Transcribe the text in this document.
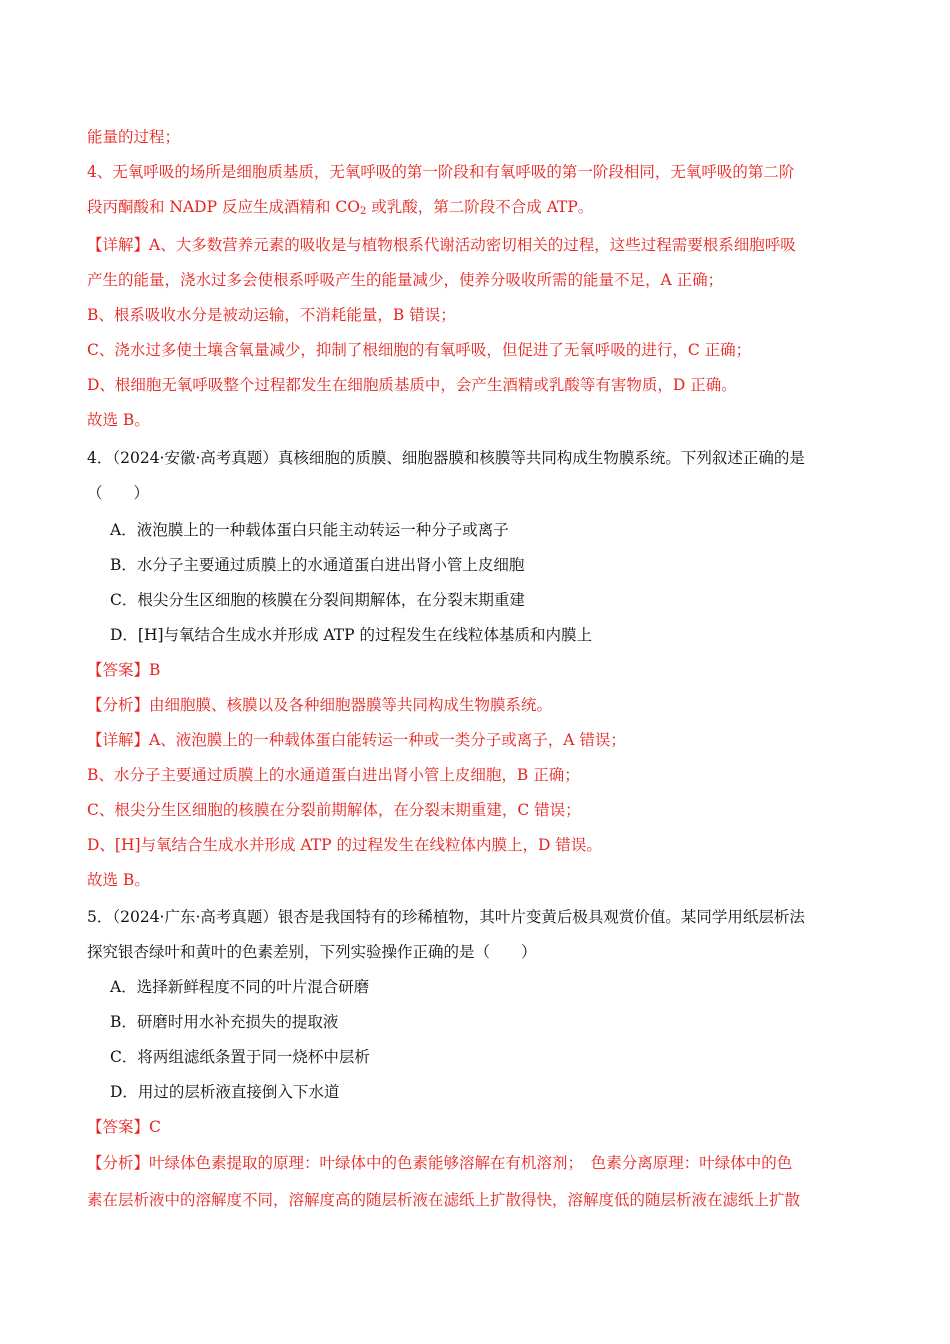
能量的过程；
4、无氧呼吸的场所是细胞质基质，无氧呼吸的第一阶段和有氧呼吸的第一阶段相同，无氧呼吸的第二阶
段丙酮酸和 NADP 反应生成酒精和 $CO_2$ 或乳酸，第二阶段不合成 ATP。
【详解】A、大多数营养元素的吸收是与植物根系代谢活动密切相关的过程，这些过程需要根系细胞呼吸
产生的能量，浇水过多会使根系呼吸产生的能量减少，使养分吸收所需的能量不足，A 正确；
B、根系吸收水分是被动运输，不消耗能量，B 错误；
C、浇水过多使土壤含氧量减少，抑制了根细胞的有氧呼吸，但促进了无氧呼吸的进行，C 正确；
D、根细胞无氧呼吸整个过程都发生在细胞质基质中，会产生酒精或乳酸等有害物质，D 正确。
故选 B。
4．（2024·安徽·高考真题）真核细胞的质膜、细胞器膜和核膜等共同构成生物膜系统。下列叙述正确的是
（　　）
A．液泡膜上的一种载体蛋白只能主动转运一种分子或离子
B．水分子主要通过质膜上的水通道蛋白进出肾小管上皮细胞
C．根尖分生区细胞的核膜在分裂间期解体，在分裂末期重建
D．[H]与氧结合生成水并形成 ATP 的过程发生在线粒体基质和内膜上
【答案】B
【分析】由细胞膜、核膜以及各种细胞器膜等共同构成生物膜系统。
【详解】A、液泡膜上的一种载体蛋白能转运一种或一类分子或离子，A 错误；
B、水分子主要通过质膜上的水通道蛋白进出肾小管上皮细胞，B 正确；
C、根尖分生区细胞的核膜在分裂前期解体，在分裂末期重建，C 错误；
D、[H]与氧结合生成水并形成 ATP 的过程发生在线粒体内膜上，D 错误。
故选 B。
5．（2024·广东·高考真题）银杏是我国特有的珍稀植物，其叶片变黄后极具观赏价值。某同学用纸层析法
探究银杏绿叶和黄叶的色素差别，下列实验操作正确的是（　　）
A．选择新鲜程度不同的叶片混合研磨
B．研磨时用水补充损失的提取液
C．将两组滤纸条置于同一烧杯中层析
D．用过的层析液直接倒入下水道
【答案】C
【分析】叶绿体色素提取的原理：叶绿体中的色素能够溶解在有机溶剂；　色素分离原理：叶绿体中的色
素在层析液中的溶解度不同，溶解度高的随层析液在滤纸上扩散得快，溶解度低的随层析液在滤纸上扩散
